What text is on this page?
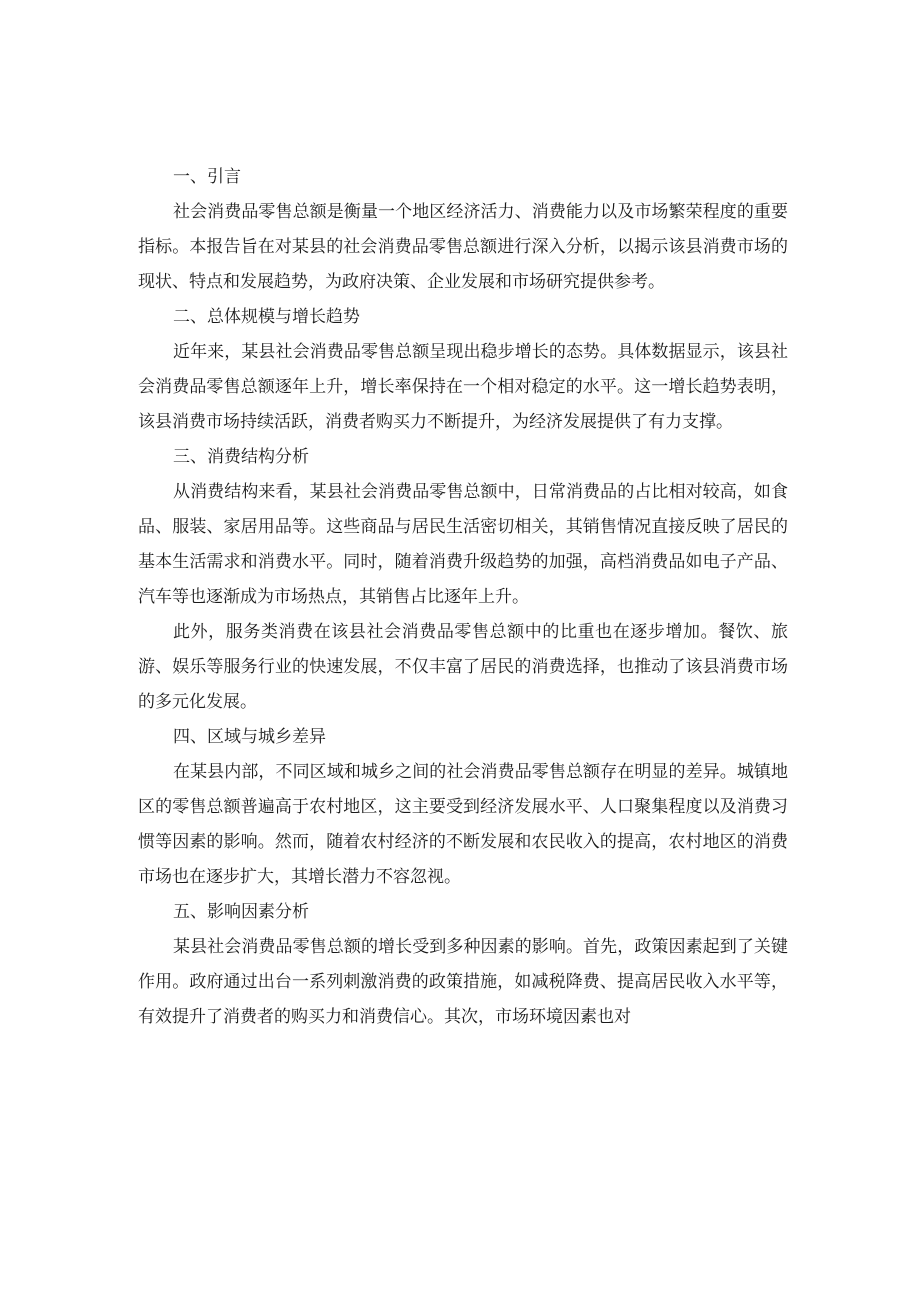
一、引言

社会消费品零售总额是衡量一个地区经济活力、消费能力以及市场繁荣程度的重要指标。本报告旨在对某县的社会消费品零售总额进行深入分析，以揭示该县消费市场的现状、特点和发展趋势，为政府决策、企业发展和市场研究提供参考。

二、总体规模与增长趋势

近年来，某县社会消费品零售总额呈现出稳步增长的态势。具体数据显示，该县社会消费品零售总额逐年上升，增长率保持在一个相对稳定的水平。这一增长趋势表明，该县消费市场持续活跃，消费者购买力不断提升，为经济发展提供了有力支撑。

三、消费结构分析

从消费结构来看，某县社会消费品零售总额中，日常消费品的占比相对较高，如食品、服装、家居用品等。这些商品与居民生活密切相关，其销售情况直接反映了居民的基本生活需求和消费水平。同时，随着消费升级趋势的加强，高档消费品如电子产品、汽车等也逐渐成为市场热点，其销售占比逐年上升。

此外，服务类消费在该县社会消费品零售总额中的比重也在逐步增加。餐饮、旅游、娱乐等服务行业的快速发展，不仅丰富了居民的消费选择，也推动了该县消费市场的多元化发展。

四、区域与城乡差异

在某县内部，不同区域和城乡之间的社会消费品零售总额存在明显的差异。城镇地区的零售总额普遍高于农村地区，这主要受到经济发展水平、人口聚集程度以及消费习惯等因素的影响。然而，随着农村经济的不断发展和农民收入的提高，农村地区的消费市场也在逐步扩大，其增长潜力不容忽视。

五、影响因素分析

某县社会消费品零售总额的增长受到多种因素的影响。首先，政策因素起到了关键作用。政府通过出台一系列刺激消费的政策措施，如减税降费、提高居民收入水平等，有效提升了消费者的购买力和消费信心。其次，市场环境因素也对
